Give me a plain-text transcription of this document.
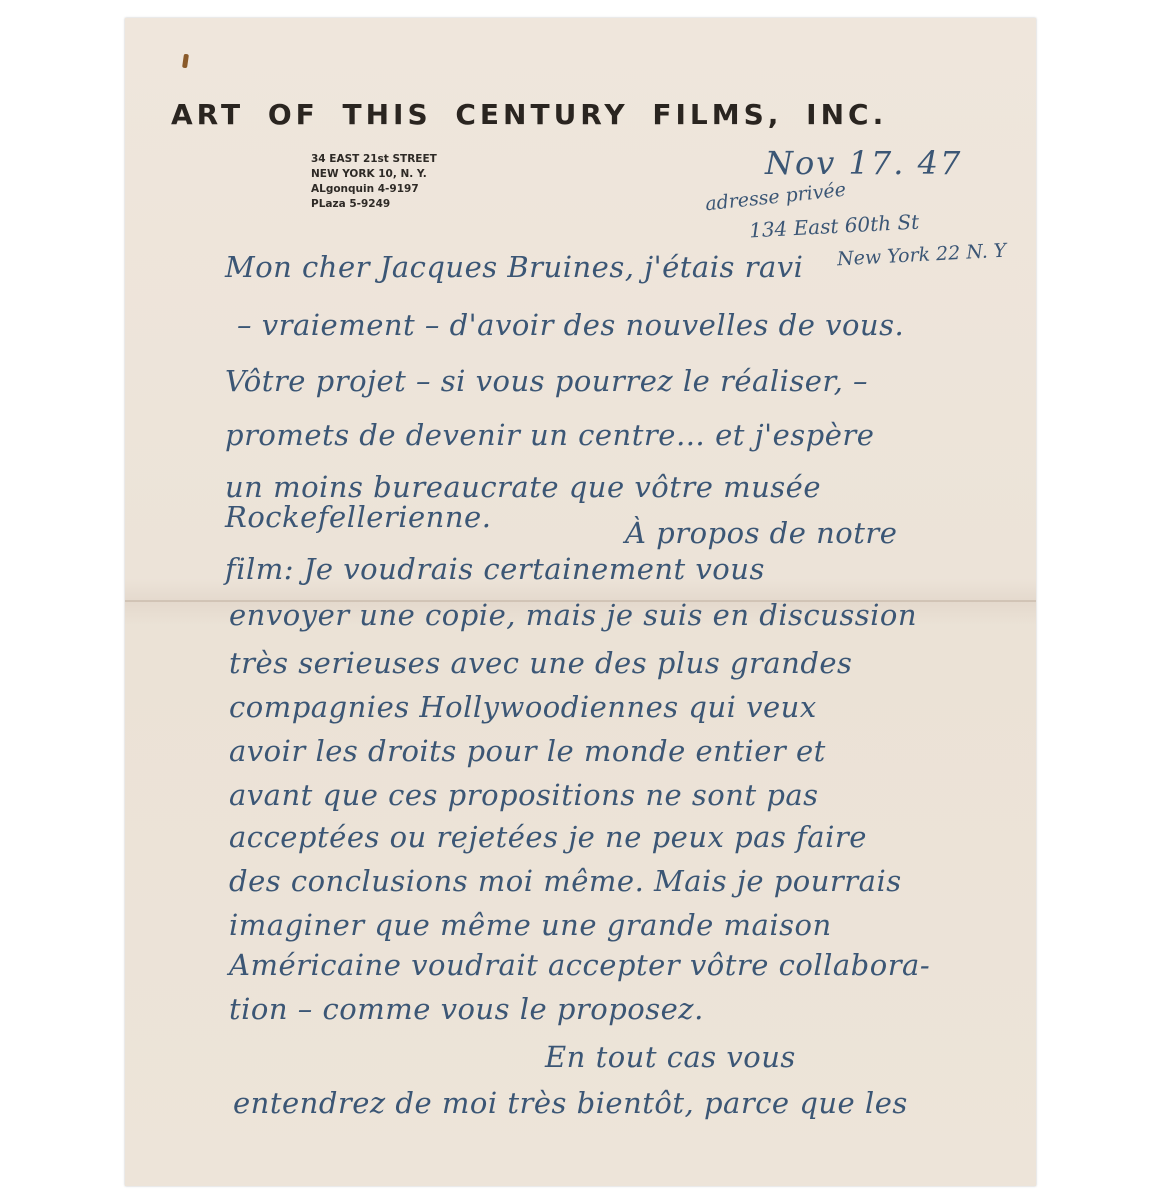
ART OF THIS CENTURY FILMS, INC.
34 EAST 21st STREET
NEW YORK 10, N. Y.
ALgonquin 4-9197
PLaza 5-9249

Nov 17. 47
adresse privée
134 East 60th St
New York 22 N. Y
Mon cher Jacques Bruines, j'étais ravi
– vraiement – d'avoir des nouvelles de vous.
Vôtre projet – si vous pourrez le réaliser, –
promets de devenir un centre… et j'espère
un moins bureaucrate que vôtre musée
Rockefellerienne.	À propos de notre
film: Je voudrais certainement vous
envoyer une copie, mais je suis en discussion
très serieuses avec une des plus grandes
compagnies Hollywoodiennes qui veux
avoir les droits pour le monde entier et
avant que ces propositions ne sont pas
acceptées ou rejetées je ne peux pas faire
des conclusions moi même. Mais je pourrais
imaginer que même une grande maison
Américaine voudrait accepter vôtre collabora-
tion – comme vous le proposez.
En tout cas vous
entendrez de moi très bientôt, parce que les
